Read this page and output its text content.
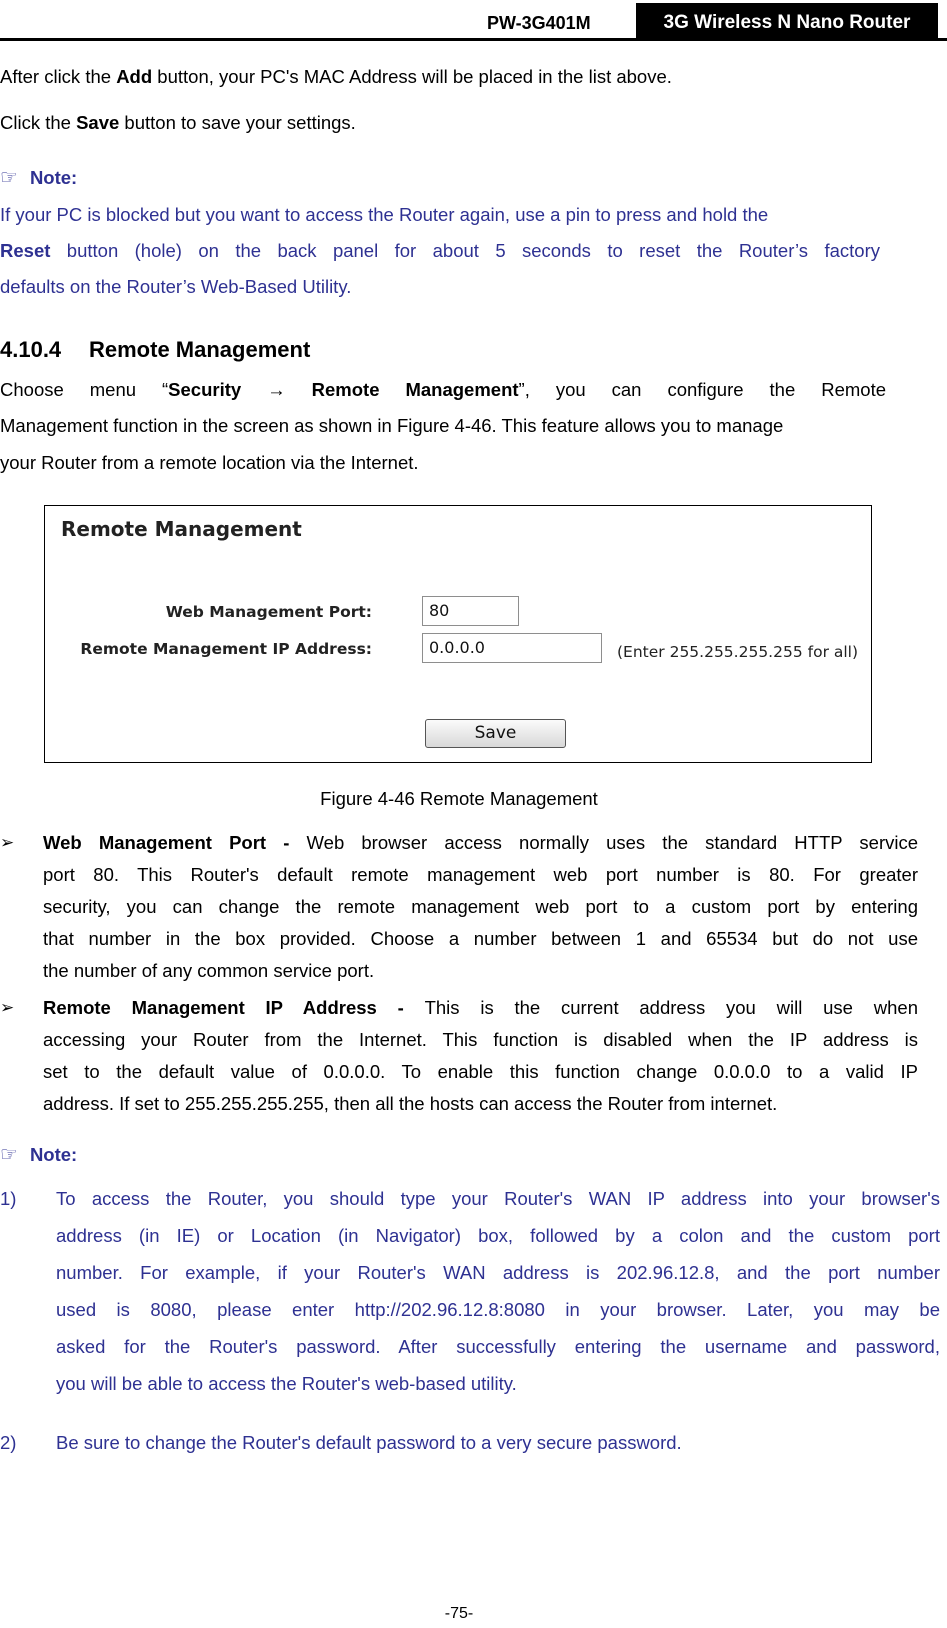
PW-3G401M	3G Wireless N Nano Router

After click the Add button, your PC's MAC Address will be placed in the list above.

Click the Save button to save your settings.

☞ Note:

If your PC is blocked but you want to access the Router again, use a pin to press and hold the

Reset button (hole) on the back panel for about 5 seconds to reset the Router’s factory

defaults on the Router’s Web-Based Utility.

4.10.4 Remote Management

Choose menu “Security → Remote Management”, you can configure the Remote

Management function in the screen as shown in Figure 4-46. This feature allows you to manage

your Router from a remote location via the Internet.

Remote Management
Web Management Port:	80
Remote Management IP Address:	0.0.0.0	(Enter 255.255.255.255 for all)
Save
Figure 4-46 Remote Management
➢ Web Management Port - Web browser access normally uses the standard HTTP service
port 80. This Router's default remote management web port number is 80. For greater
security, you can change the remote management web port to a custom port by entering
that number in the box provided. Choose a number between 1 and 65534 but do not use
the number of any common service port.
➢ Remote Management IP Address - This is the current address you will use when
accessing your Router from the Internet. This function is disabled when the IP address is
set to the default value of 0.0.0.0. To enable this function change 0.0.0.0 to a valid IP
address. If set to 255.255.255.255, then all the hosts can access the Router from internet.

☞ Note:

1) To access the Router, you should type your Router's WAN IP address into your browser's
address (in IE) or Location (in Navigator) box, followed by a colon and the custom port
number. For example, if your Router's WAN address is 202.96.12.8, and the port number
used is 8080, please enter http://202.96.12.8:8080 in your browser. Later, you may be
asked for the Router's password. After successfully entering the username and password,
you will be able to access the Router's web-based utility.
2) Be sure to change the Router's default password to a very secure password.
-75-
